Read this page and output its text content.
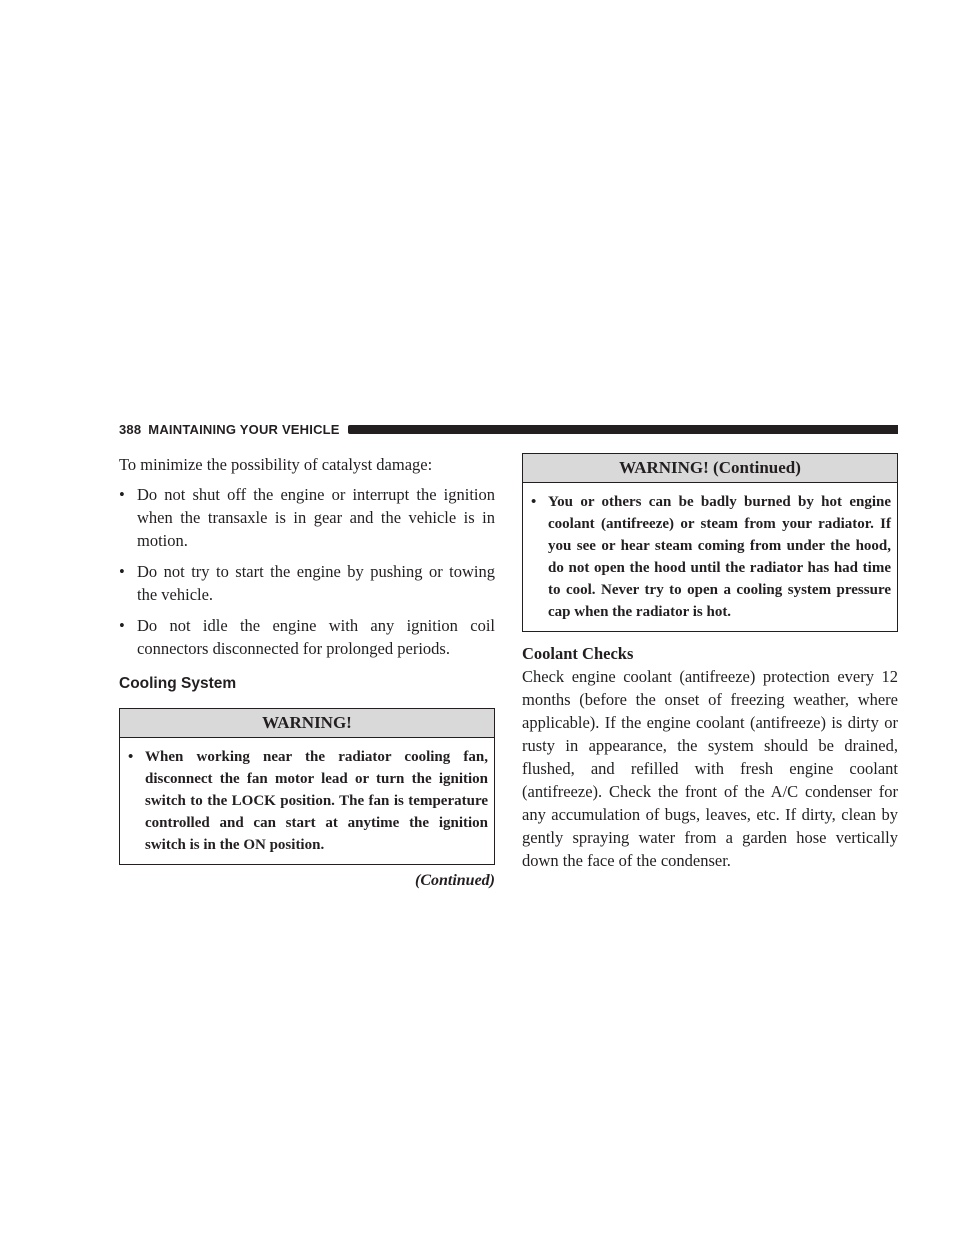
388 MAINTAINING YOUR VEHICLE

To minimize the possibility of catalyst damage:

• Do not shut off the engine or interrupt the ignition when the transaxle is in gear and the vehicle is in motion.
• Do not try to start the engine by pushing or towing the vehicle.
• Do not idle the engine with any ignition coil connectors disconnected for prolonged periods.
Cooling System
WARNING!
• When working near the radiator cooling fan, disconnect the fan motor lead or turn the ignition switch to the LOCK position. The fan is temperature controlled and can start at anytime the ignition switch is in the ON position.
(Continued)
WARNING! (Continued)
• You or others can be badly burned by hot engine coolant (antifreeze) or steam from your radiator. If you see or hear steam coming from under the hood, do not open the hood until the radiator has had time to cool. Never try to open a cooling system pressure cap when the radiator is hot.
Coolant Checks

Check engine coolant (antifreeze) protection every 12 months (before the onset of freezing weather, where applicable). If the engine coolant (antifreeze) is dirty or rusty in appearance, the system should be drained, flushed, and refilled with fresh engine coolant (antifreeze). Check the front of the A/C condenser for any accumulation of bugs, leaves, etc. If dirty, clean by gently spraying water from a garden hose vertically down the face of the condenser.
